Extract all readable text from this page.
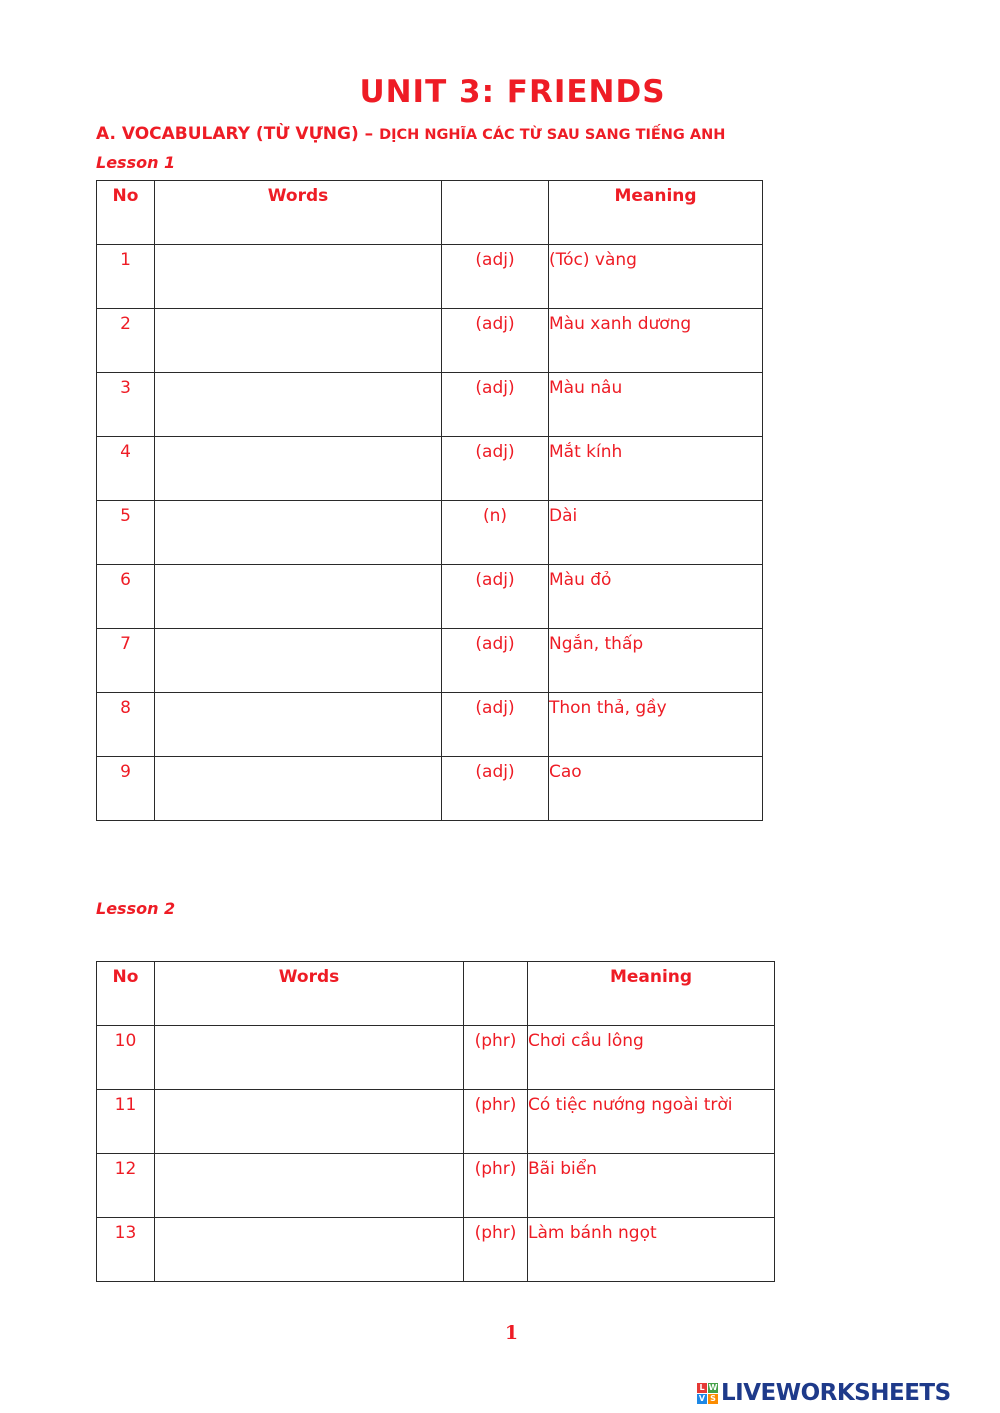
UNIT 3: FRIENDS
A. VOCABULARY (TỪ VỰNG) – DỊCH NGHĨA CÁC TỪ SAU SANG TIẾNG ANH
Lesson 1
No	Words		Meaning
1		(adj)	(Tóc) vàng
2		(adj)	Màu xanh dương
3		(adj)	Màu nâu
4		(adj)	Mắt kính
5		(n)	Dài
6		(adj)	Màu đỏ
7		(adj)	Ngắn, thấp
8		(adj)	Thon thả, gầy
9		(adj)	Cao
Lesson 2
No	Words		Meaning
10		(phr)	Chơi cầu lông
11		(phr)	Có tiệc nướng ngoài trời
12		(phr)	Bãi biển
13		(phr)	Làm bánh ngọt
1
L W
V S LIVEWORKSHEETS
